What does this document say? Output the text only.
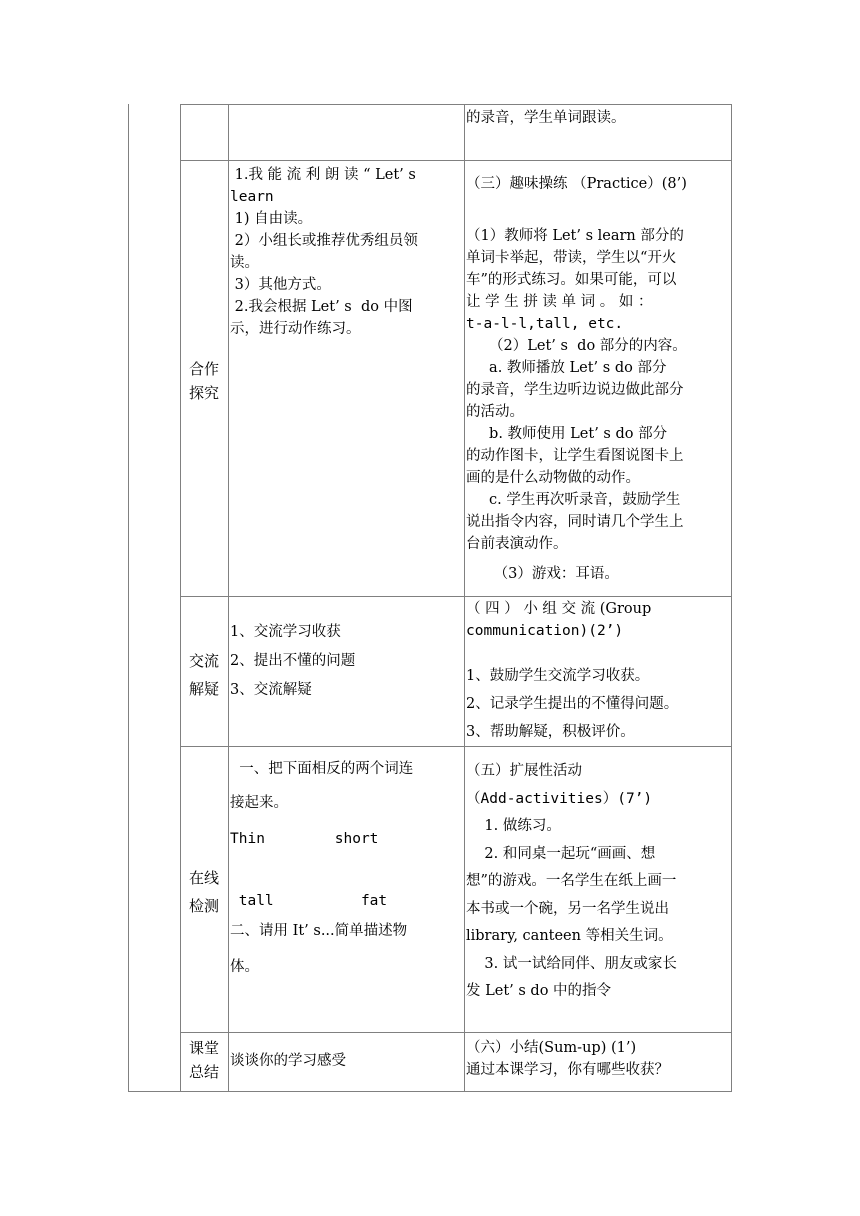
的录音，学生单词跟读。
合作
探究
1.我 能 流 利 朗 读 “ Let’ s
learn
1) 自由读。
2）小组长或推荐优秀组员领
读。
3）其他方式。
2.我会根据 Let’ s  do 中图
示，进行动作练习。
（三）趣味操练 （Practice）(8’)
（1）教师将 Let’ s learn 部分的
单词卡举起，带读，学生以“开火
车”的形式练习。如果可能，可以
让 学 生 拼 读 单 词 。 如 ：
t-a-l-l,tall, etc.
（2）Let’ s  do 部分的内容。
a. 教师播放 Let’ s do 部分
的录音，学生边听边说边做此部分
的活动。
b. 教师使用 Let’ s do 部分
的动作图卡，让学生看图说图卡上
画的是什么动物做的动作。
c. 学生再次听录音，鼓励学生
说出指令内容，同时请几个学生上
台前表演动作。
（3）游戏：耳语。
交流
解疑
1、交流学习收获
2、提出不懂的问题
3、交流解疑
（ 四 ） 小 组 交 流 (Group
communication)(2’)
1、鼓励学生交流学习收获。
2、记录学生提出的不懂得问题。
3、帮助解疑，积极评价。
在线
检测
一、把下面相反的两个词连
接起来。
Thin        short
tall          fat
二、请用 It’ s...简单描述物
体。
（五）扩展性活动
（Add-activities）(7’)
1. 做练习。
2. 和同桌一起玩“画画、想
想”的游戏。一名学生在纸上画一
本书或一个碗，另一名学生说出
library, canteen 等相关生词。
3. 试一试给同伴、朋友或家长
发 Let’ s do 中的指令
课堂
总结
谈谈你的学习感受
（六）小结(Sum-up) (1’)
通过本课学习，你有哪些收获？
